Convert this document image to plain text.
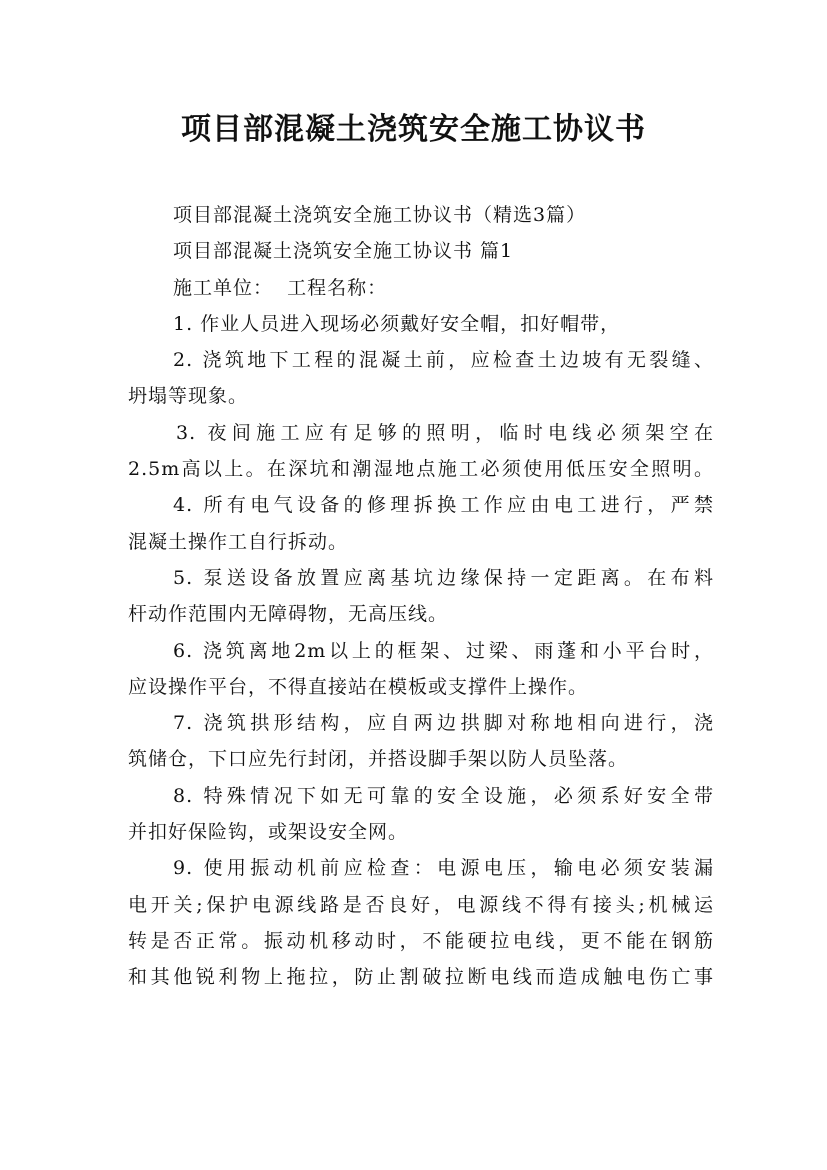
项目部混凝土浇筑安全施工协议书

项目部混凝土浇筑安全施工协议书（精选3篇）

项目部混凝土浇筑安全施工协议书 篇1

施工单位：  工程名称：

1. 作业人员进入现场必须戴好安全帽，扣好帽带，

2. 浇筑地下工程的混凝土前，应检查土边坡有无裂缝、

坍塌等现象。

3. 夜间施工应有足够的照明，临时电线必须架空在

2.5m高以上。在深坑和潮湿地点施工必须使用低压安全照明。

4. 所有电气设备的修理拆换工作应由电工进行，严禁

混凝土操作工自行拆动。

5. 泵送设备放置应离基坑边缘保持一定距离。在布料

杆动作范围内无障碍物，无高压线。

6. 浇筑离地2m以上的框架、过梁、雨蓬和小平台时，

应设操作平台，不得直接站在模板或支撑件上操作。

7. 浇筑拱形结构，应自两边拱脚对称地相向进行，浇

筑储仓，下口应先行封闭，并搭设脚手架以防人员坠落。

8. 特殊情况下如无可靠的安全设施，必须系好安全带

并扣好保险钩，或架设安全网。

9. 使用振动机前应检查：电源电压，输电必须安装漏

电开关;保护电源线路是否良好，电源线不得有接头;机械运

转是否正常。振动机移动时，不能硬拉电线，更不能在钢筋

和其他锐利物上拖拉，防止割破拉断电线而造成触电伤亡事
